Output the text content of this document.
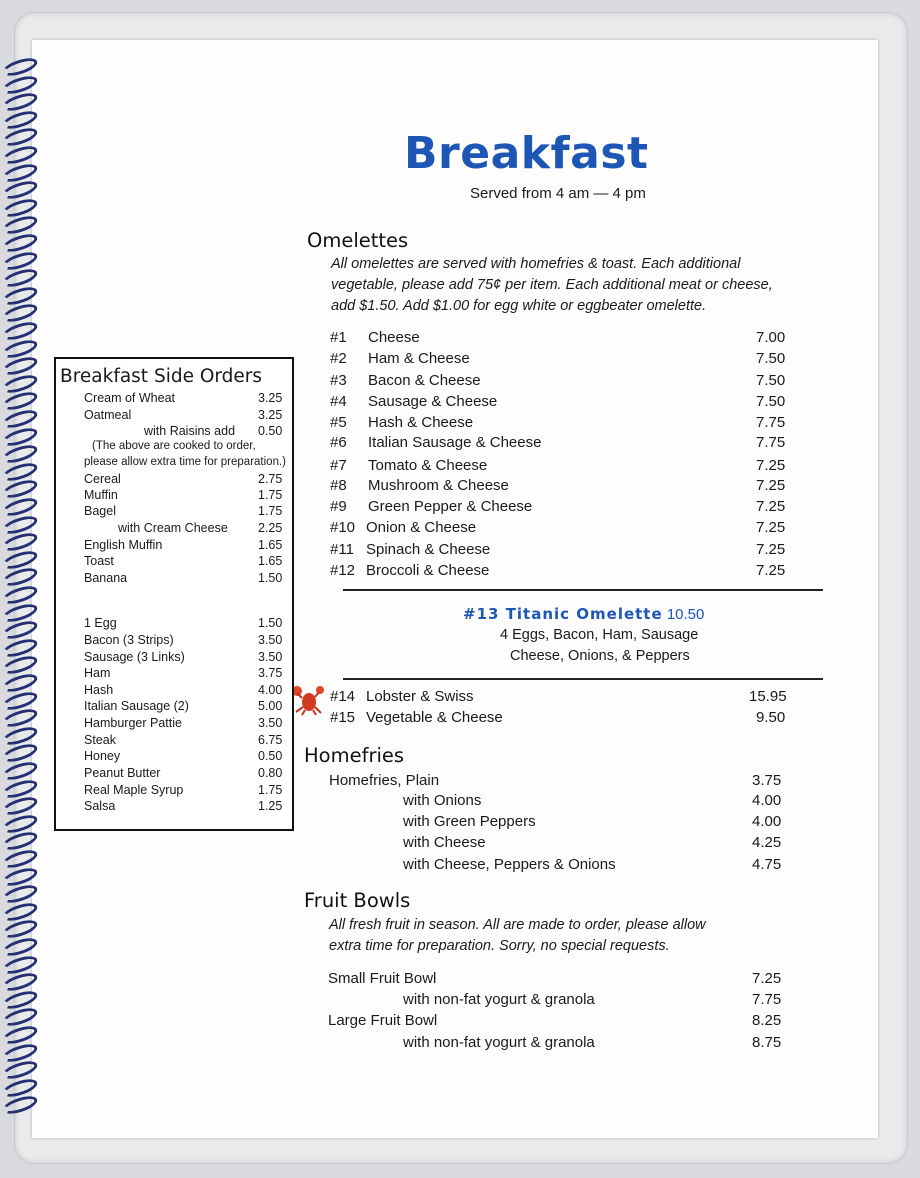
Breakfast
Served from 4 am — 4 pm
Omelettes
All omelettes are served with homefries & toast. Each additional
vegetable, please add 75¢ per item. Each additional meat or cheese,
add $1.50. Add $1.00 for egg white or eggbeater omelette.
#1 Cheese	7.00
#2 Ham & Cheese	7.50
#3 Bacon & Cheese	7.50
#4 Sausage & Cheese	7.50
#5 Hash & Cheese	7.75
#6 Italian Sausage & Cheese	7.75
#7 Tomato & Cheese	7.25
#8 Mushroom & Cheese	7.25
#9 Green Pepper & Cheese	7.25
#10 Onion & Cheese	7.25
#11 Spinach & Cheese	7.25
#12 Broccoli & Cheese	7.25
#13 Titanic Omelette 10.50
4 Eggs, Bacon, Ham, Sausage
Cheese, Onions, & Peppers
#14 Lobster & Swiss	15.95
#15 Vegetable & Cheese	9.50
Homefries
Homefries, Plain	3.75
with Onions	4.00
with Green Peppers	4.00
with Cheese	4.25
with Cheese, Peppers & Onions	4.75
Fruit Bowls
All fresh fruit in season. All are made to order, please allow
extra time for preparation. Sorry, no special requests.
Small Fruit Bowl	7.25
with non-fat yogurt & granola	7.75
Large Fruit Bowl	8.25
with non-fat yogurt & granola	8.75
Breakfast Side Orders
(The above are cooked to order,
please allow extra time for preparation.)
Cream of Wheat	3.25
Oatmeal	3.25
with Raisins add 0.50
Cereal	2.75
Muffin	1.75
Bagel	1.75
with Cream Cheese 2.25
English Muffin	1.65
Toast	1.65
Banana	1.50
1 Egg	1.50
Bacon (3 Strips)	3.50
Sausage (3 Links)	3.50
Ham	3.75
Hash	4.00
Italian Sausage (2)	5.00
Hamburger Pattie	3.50
Steak	6.75
Honey	0.50
Peanut Butter	0.80
Real Maple Syrup	1.75
Salsa	1.25
